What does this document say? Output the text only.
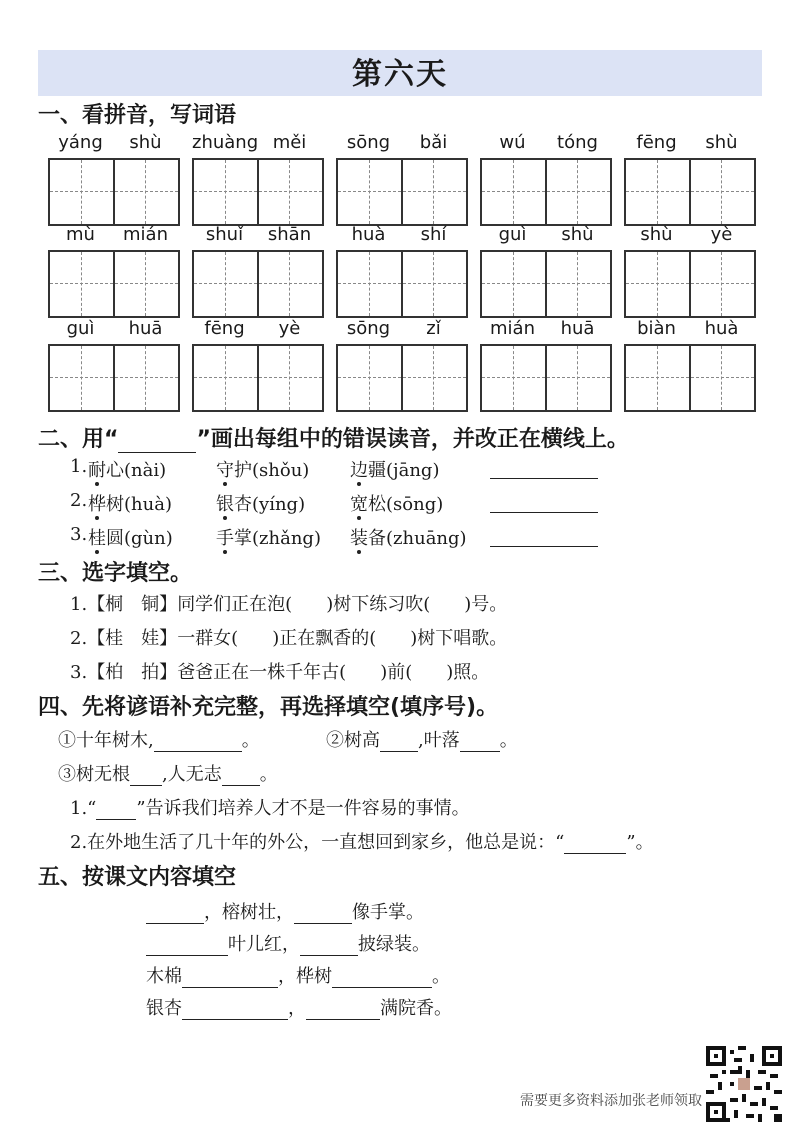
第六天
一、看拼音，写词语
yáng	shù	zhuàng měi	sōng	bǎi	wú	tóng	fēng	shù
mù	mián	shuǐ	shān	huà	shí	guì	shù	shù	yè
guì	huā	fēng	yè	sōng	zǐ	mián	huā	biàn	huà
二、用“	”画出每组中的错误读音，并改正在横线上。
1. 耐心(nài)	守护(shǒu) 边疆(jāng)
2. 桦树(huà) 银杏(yíng) 宽松(sōng)
3. 桂圆(gùn) 手掌(zhǎng) 装备(zhuāng)
三、选字填空。
1.【桐　铜】同学们正在泡( )树下练习吹( )号。
2.【桂　娃】一群女( )正在飘香的( )树下唱歌。
3.【柏　拍】爸爸正在一株千年古( )前( )照。
四、先将谚语补充完整，再选择填空(填序号)。
①十年树木,	。	②树高 ,叶落 。
③树无根 ,人无志 。
1.“ ”告诉我们培养人才不是一件容易的事情。
2.在外地生活了几十年的外公，一直想回到家乡，他总是说：“	”。
五、按课文内容填空
，榕树壮，	像手掌。
叶儿红，	披绿装。
木棉	，桦树	。
银杏	，	满院香。
需要更多资料添加张老师领取
